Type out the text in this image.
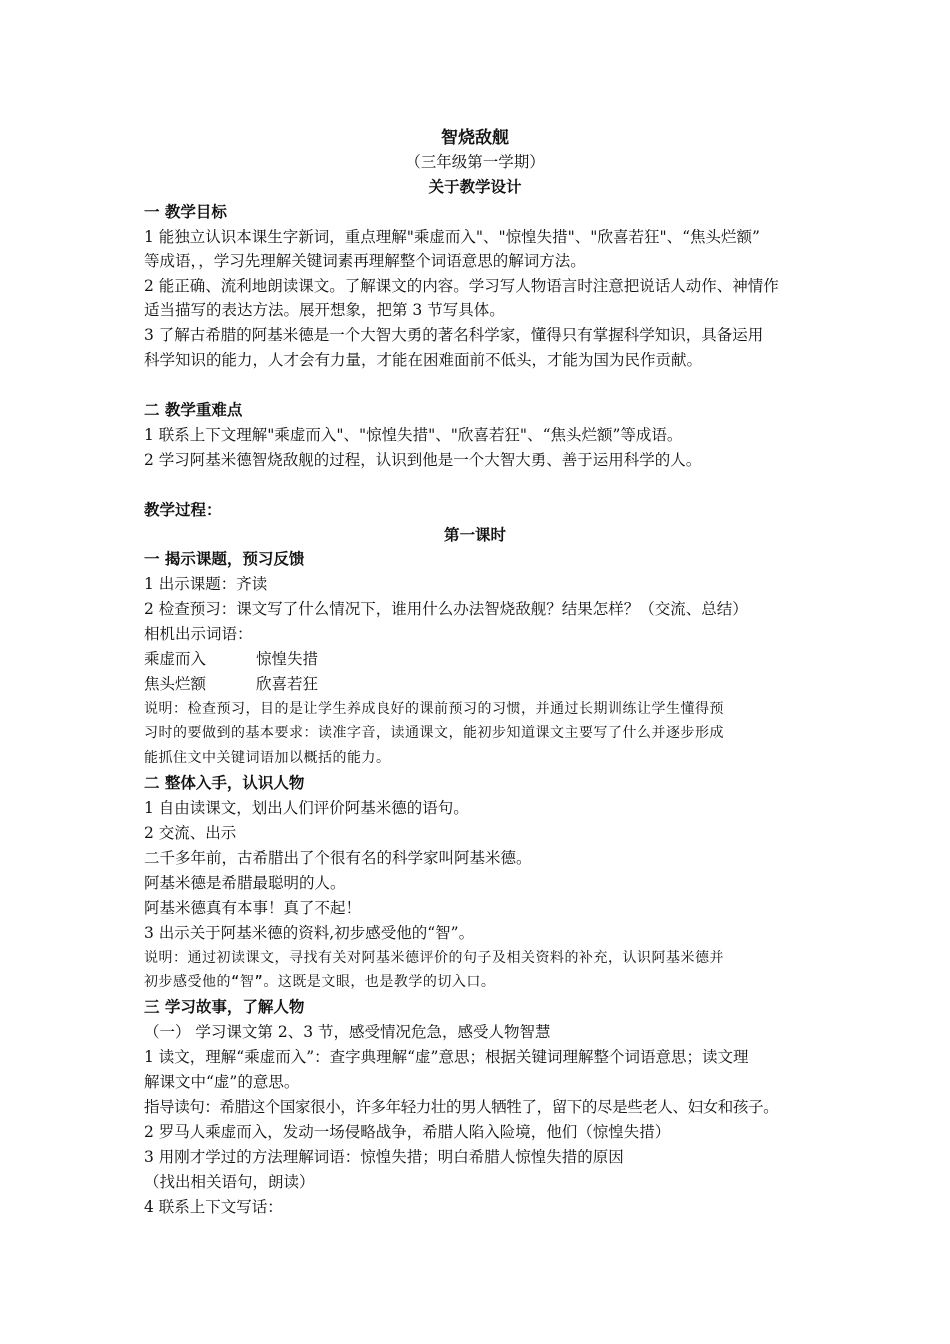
智烧敌舰
（三年级第一学期）
关于教学设计
一 教学目标
1 能独立认识本课生字新词，重点理解"乘虚而入"、"惊惶失措"、"欣喜若狂"、“焦头烂额”
等成语，，学习先理解关键词素再理解整个词语意思的解词方法。
2 能正确、流利地朗读课文。了解课文的内容。学习写人物语言时注意把说话人动作、神情作
适当描写的表达方法。展开想象，把第 3 节写具体。
3 了解古希腊的阿基米德是一个大智大勇的著名科学家，懂得只有掌握科学知识，具备运用
科学知识的能力，人才会有力量，才能在困难面前不低头，才能为国为民作贡献。
二 教学重难点
1 联系上下文理解"乘虚而入"、"惊惶失措"、"欣喜若狂"、“焦头烂额”等成语。
2 学习阿基米德智烧敌舰的过程，认识到他是一个大智大勇、善于运用科学的人。
教学过程：
第一课时
一 揭示课题，预习反馈
1 出示课题：齐读
2 检查预习：课文写了什么情况下，谁用什么办法智烧敌舰？结果怎样？（交流、总结）
相机出示词语：
乘虚而入	惊惶失措
焦头烂额	欣喜若狂
说明：检查预习，目的是让学生养成良好的课前预习的习惯，并通过长期训练让学生懂得预
习时的要做到的基本要求：读准字音，读通课文，能初步知道课文主要写了什么并逐步形成
能抓住文中关键词语加以概括的能力。
二 整体入手，认识人物
1 自由读课文，划出人们评价阿基米德的语句。
2 交流、出示
二千多年前，古希腊出了个很有名的科学家叫阿基米德。
阿基米德是希腊最聪明的人。
阿基米德真有本事！真了不起！
3 出示关于阿基米德的资料,初步感受他的“智”。
说明：通过初读课文，寻找有关对阿基米德评价的句子及相关资料的补充，认识阿基米德并
初步感受他的“智”。这既是文眼，也是教学的切入口。
三 学习故事，了解人物
（一） 学习课文第 2、3 节，感受情况危急，感受人物智慧
1 读文，理解“乘虚而入”：查字典理解“虚”意思；根据关键词理解整个词语意思；读文理
解课文中“虚”的意思。
指导读句：希腊这个国家很小，许多年轻力壮的男人牺牲了，留下的尽是些老人、妇女和孩子。
2 罗马人乘虚而入，发动一场侵略战争，希腊人陷入险境，他们（惊惶失措）
3 用刚才学过的方法理解词语：惊惶失措；明白希腊人惊惶失措的原因
（找出相关语句，朗读）
4 联系上下文写话：
